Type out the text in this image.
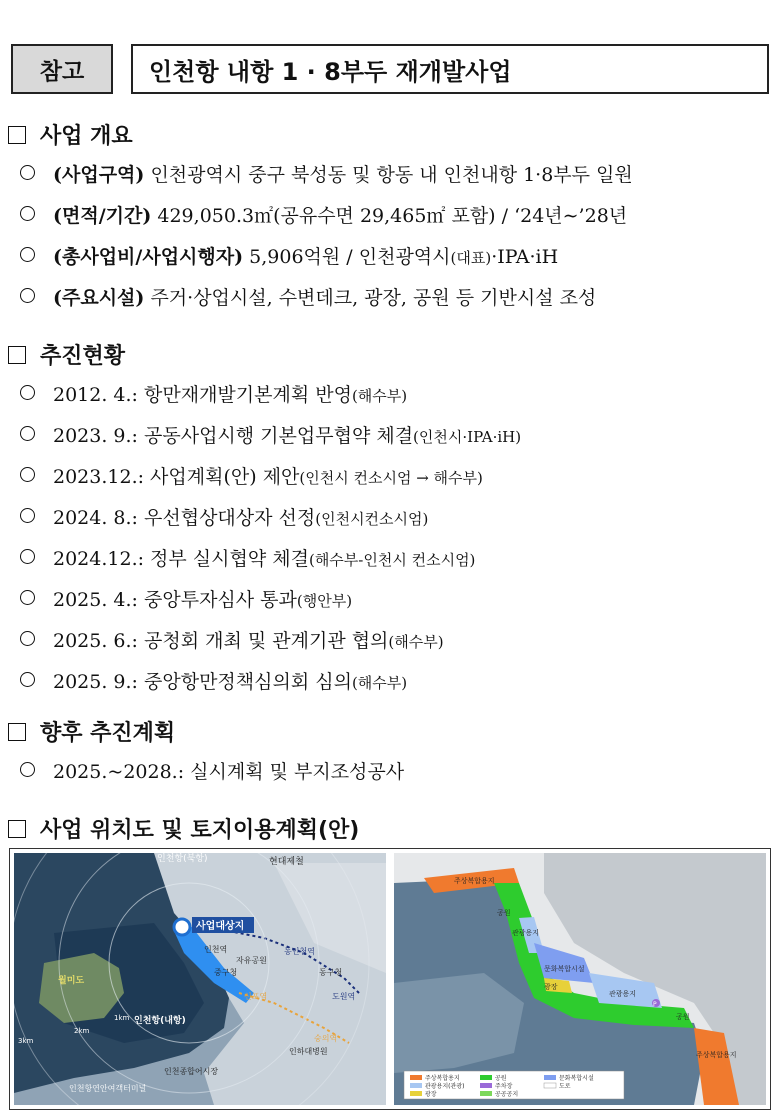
참고	인천항 내항 1 · 8부두 재개발사업
사업 개요
(사업구역) 인천광역시 중구 북성동 및 항동 내 인천내항 1·8부두 일원
(면적/기간) 429,050.3㎡(공유수면 29,465㎡ 포함) / ‘24년∼’28년
(총사업비/사업시행자) 5,906억원 / 인천광역시(대표)·IPA·iH
(주요시설) 주거·상업시설, 수변데크, 광장, 공원 등 기반시설 조성
추진현황
2012. 4.: 항만재개발기본계획 반영(해수부)
2023. 9.: 공동사업시행 기본업무협약 체결(인천시·IPA·iH)
2023.12.: 사업계획(안) 제안(인천시 컨소시엄 → 해수부)
2024. 8.: 우선협상대상자 선정(인천시컨소시엄)
2024.12.: 정부 실시협약 체결(해수부-인천시 컨소시엄)
2025. 4.: 중앙투자심사 통과(행안부)
2025. 6.: 공청회 개최 및 관계기관 협의(해수부)
2025. 9.: 중앙항만정책심의회 심의(해수부)
향후 추진계획
2025.~2028.: 실시계획 및 부지조성공사
사업 위치도 및 토지이용계획(안)
인천항(북항)	현대제철
사업대상지
인천역
자유공원
동인천역
중구청	동구청
월미도
신포역	도원역
인천항(내항)
숭의역
인하대병원
인천종합어시장
인천항연안여객터미널
3km
2km
1km
주상복합용지
공원
관광용지
문화복합시설
광장
관광용지
P
공원
주상복합용지
주상복합용지	공원	문화복합시설
관광용지(관광)	주차장	도로
광장	공공공지
